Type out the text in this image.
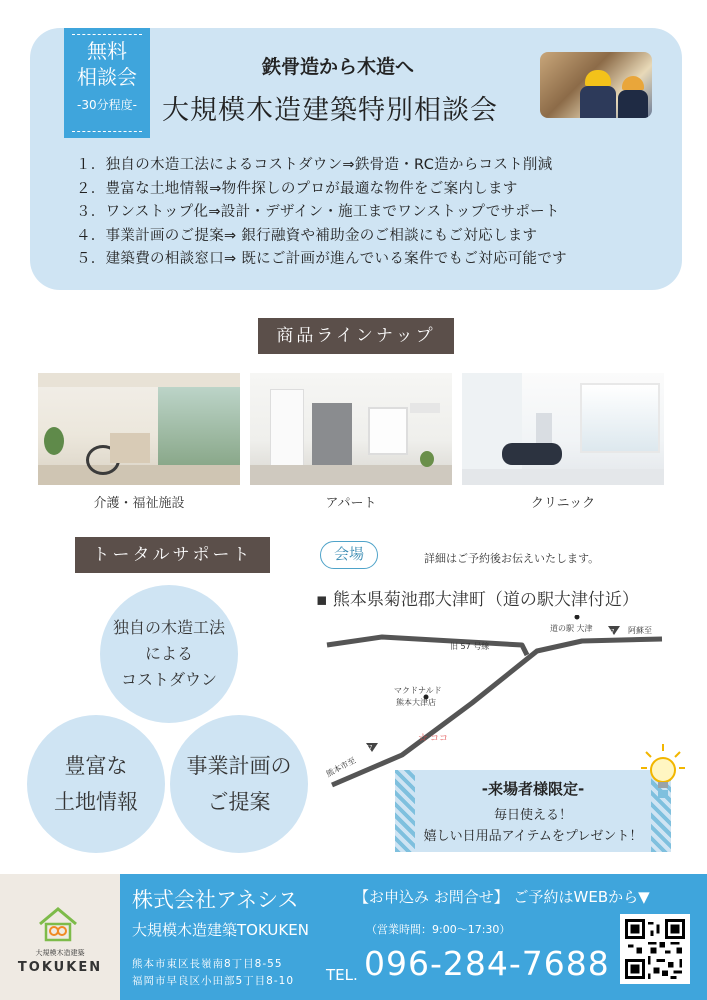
無料
相談会
-30分程度-
鉄骨造から木造へ
大規模木造建築特別相談会
１．独自の木造工法によるコストダウン⇒鉄骨造・RC造からコスト削減
２．豊富な土地情報⇒物件探しのプロが最適な物件をご案内します
３．ワンストップ化⇒設計・デザイン・施工までワンストップでサポート
４．事業計画のご提案⇒ 銀行融資や補助金のご相談にもご対応します
５．建築費の相談窓口⇒ 既にご計画が進んでいる案件でもご対応可能です
商品ラインナップ
介護・福祉施設	アパート	クリニック
トータルサポート
独自の木造工法
による
コストダウン
豊富な
土地情報
事業計画の
ご提案
会場	詳細はご予約後お伝えいたします。
▪ 熊本県菊池郡大津町（道の駅大津付近）
旧 57 号線
道の駅 大津	57 阿蘇至
マクドナルド
熊本大津店
☆ ココ
57
熊本市至
-来場者様限定-
毎日使える！
嬉しい日用品アイテムをプレゼント！
大規模木造建築
TOKUKEN
株式会社アネシス
大規模木造建築TOKUKEN
熊本市東区長嶺南8丁目8-55
福岡市早良区小田部5丁目8-10
【お申込み お問合せ】 ご予約はWEBから▼
（営業時間：9:00〜17:30）
TEL. 096-284-7688
